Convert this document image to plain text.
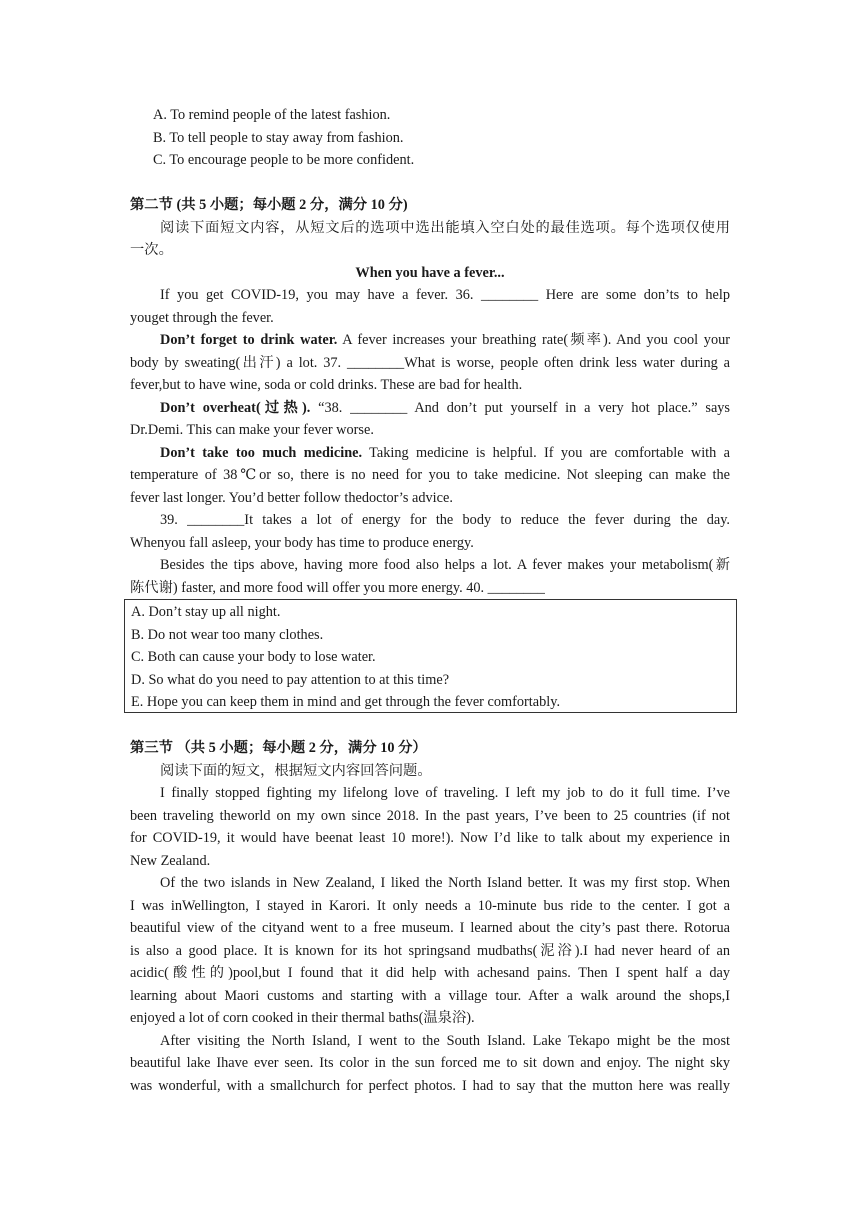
A. To remind people of the latest fashion.

B. To tell people to stay away from fashion.

C. To encourage people to be more confident.

第二节 (共 5 小题；每小题 2 分，满分 10 分)

阅读下面短文内容，从短文后的选项中选出能填入空白处的最佳选项。每个选项仅使用

一次。

When you have a fever...

If you get COVID-19, you may have a fever. 36. ________ Here are some don’ts to help

youget through the fever.

Don’t forget to drink water. A fever increases your breathing rate(频率). And you cool your

body by sweating(出汗) a lot. 37. ________What is worse, people often drink less water during a

fever,but to have wine, soda or cold drinks. These are bad for health.

Don’t overheat(过热). “38. ________ And don’t put yourself in a very hot place.” says

Dr.Demi. This can make your fever worse.

Don’t take too much medicine. Taking medicine is helpful. If you are comfortable with a

temperature of 38℃or so, there is no need for you to take medicine. Not sleeping can make the

fever last longer. You’d better follow thedoctor’s advice.

39. ________It takes a lot of energy for the body to reduce the fever during the day.

Whenyou fall asleep, your body has time to produce energy.

Besides the tips above, having more food also helps a lot. A fever makes your metabolism(新

陈代谢) faster, and more food will offer you more energy. 40. ________

A. Don’t stay up all night.

B. Do not wear too many clothes.

C. Both can cause your body to lose water.

D. So what do you need to pay attention to at this time?

E. Hope you can keep them in mind and get through the fever comfortably.

第三节 （共 5 小题；每小题 2 分，满分 10 分）

阅读下面的短文，根据短文内容回答问题。

I finally stopped fighting my lifelong love of traveling. I left my job to do it full time. I’ve

been traveling theworld on my own since 2018. In the past years, I’ve been to 25 countries (if not

for COVID-19, it would have beenat least 10 more!). Now I’d like to talk about my experience in

New Zealand.

Of the two islands in New Zealand, I liked the North Island better. It was my first stop. When

I was inWellington, I stayed in Karori. It only needs a 10-minute bus ride to the center. I got a

beautiful view of the cityand went to a free museum. I learned about the city’s past there. Rotorua

is also a good place. It is known for its hot springsand mudbaths(泥浴).I had never heard of an

acidic(酸性的)pool,but I found that it did help with achesand pains. Then I spent half a day

learning about Maori customs and starting with a village tour. After a walk around the shops,I

enjoyed a lot of corn cooked in their thermal baths(温泉浴).

After visiting the North Island, I went to the South Island. Lake Tekapo might be the most

beautiful lake Ihave ever seen. Its color in the sun forced me to sit down and enjoy. The night sky

was wonderful, with a smallchurch for perfect photos. I had to say that the mutton here was really
